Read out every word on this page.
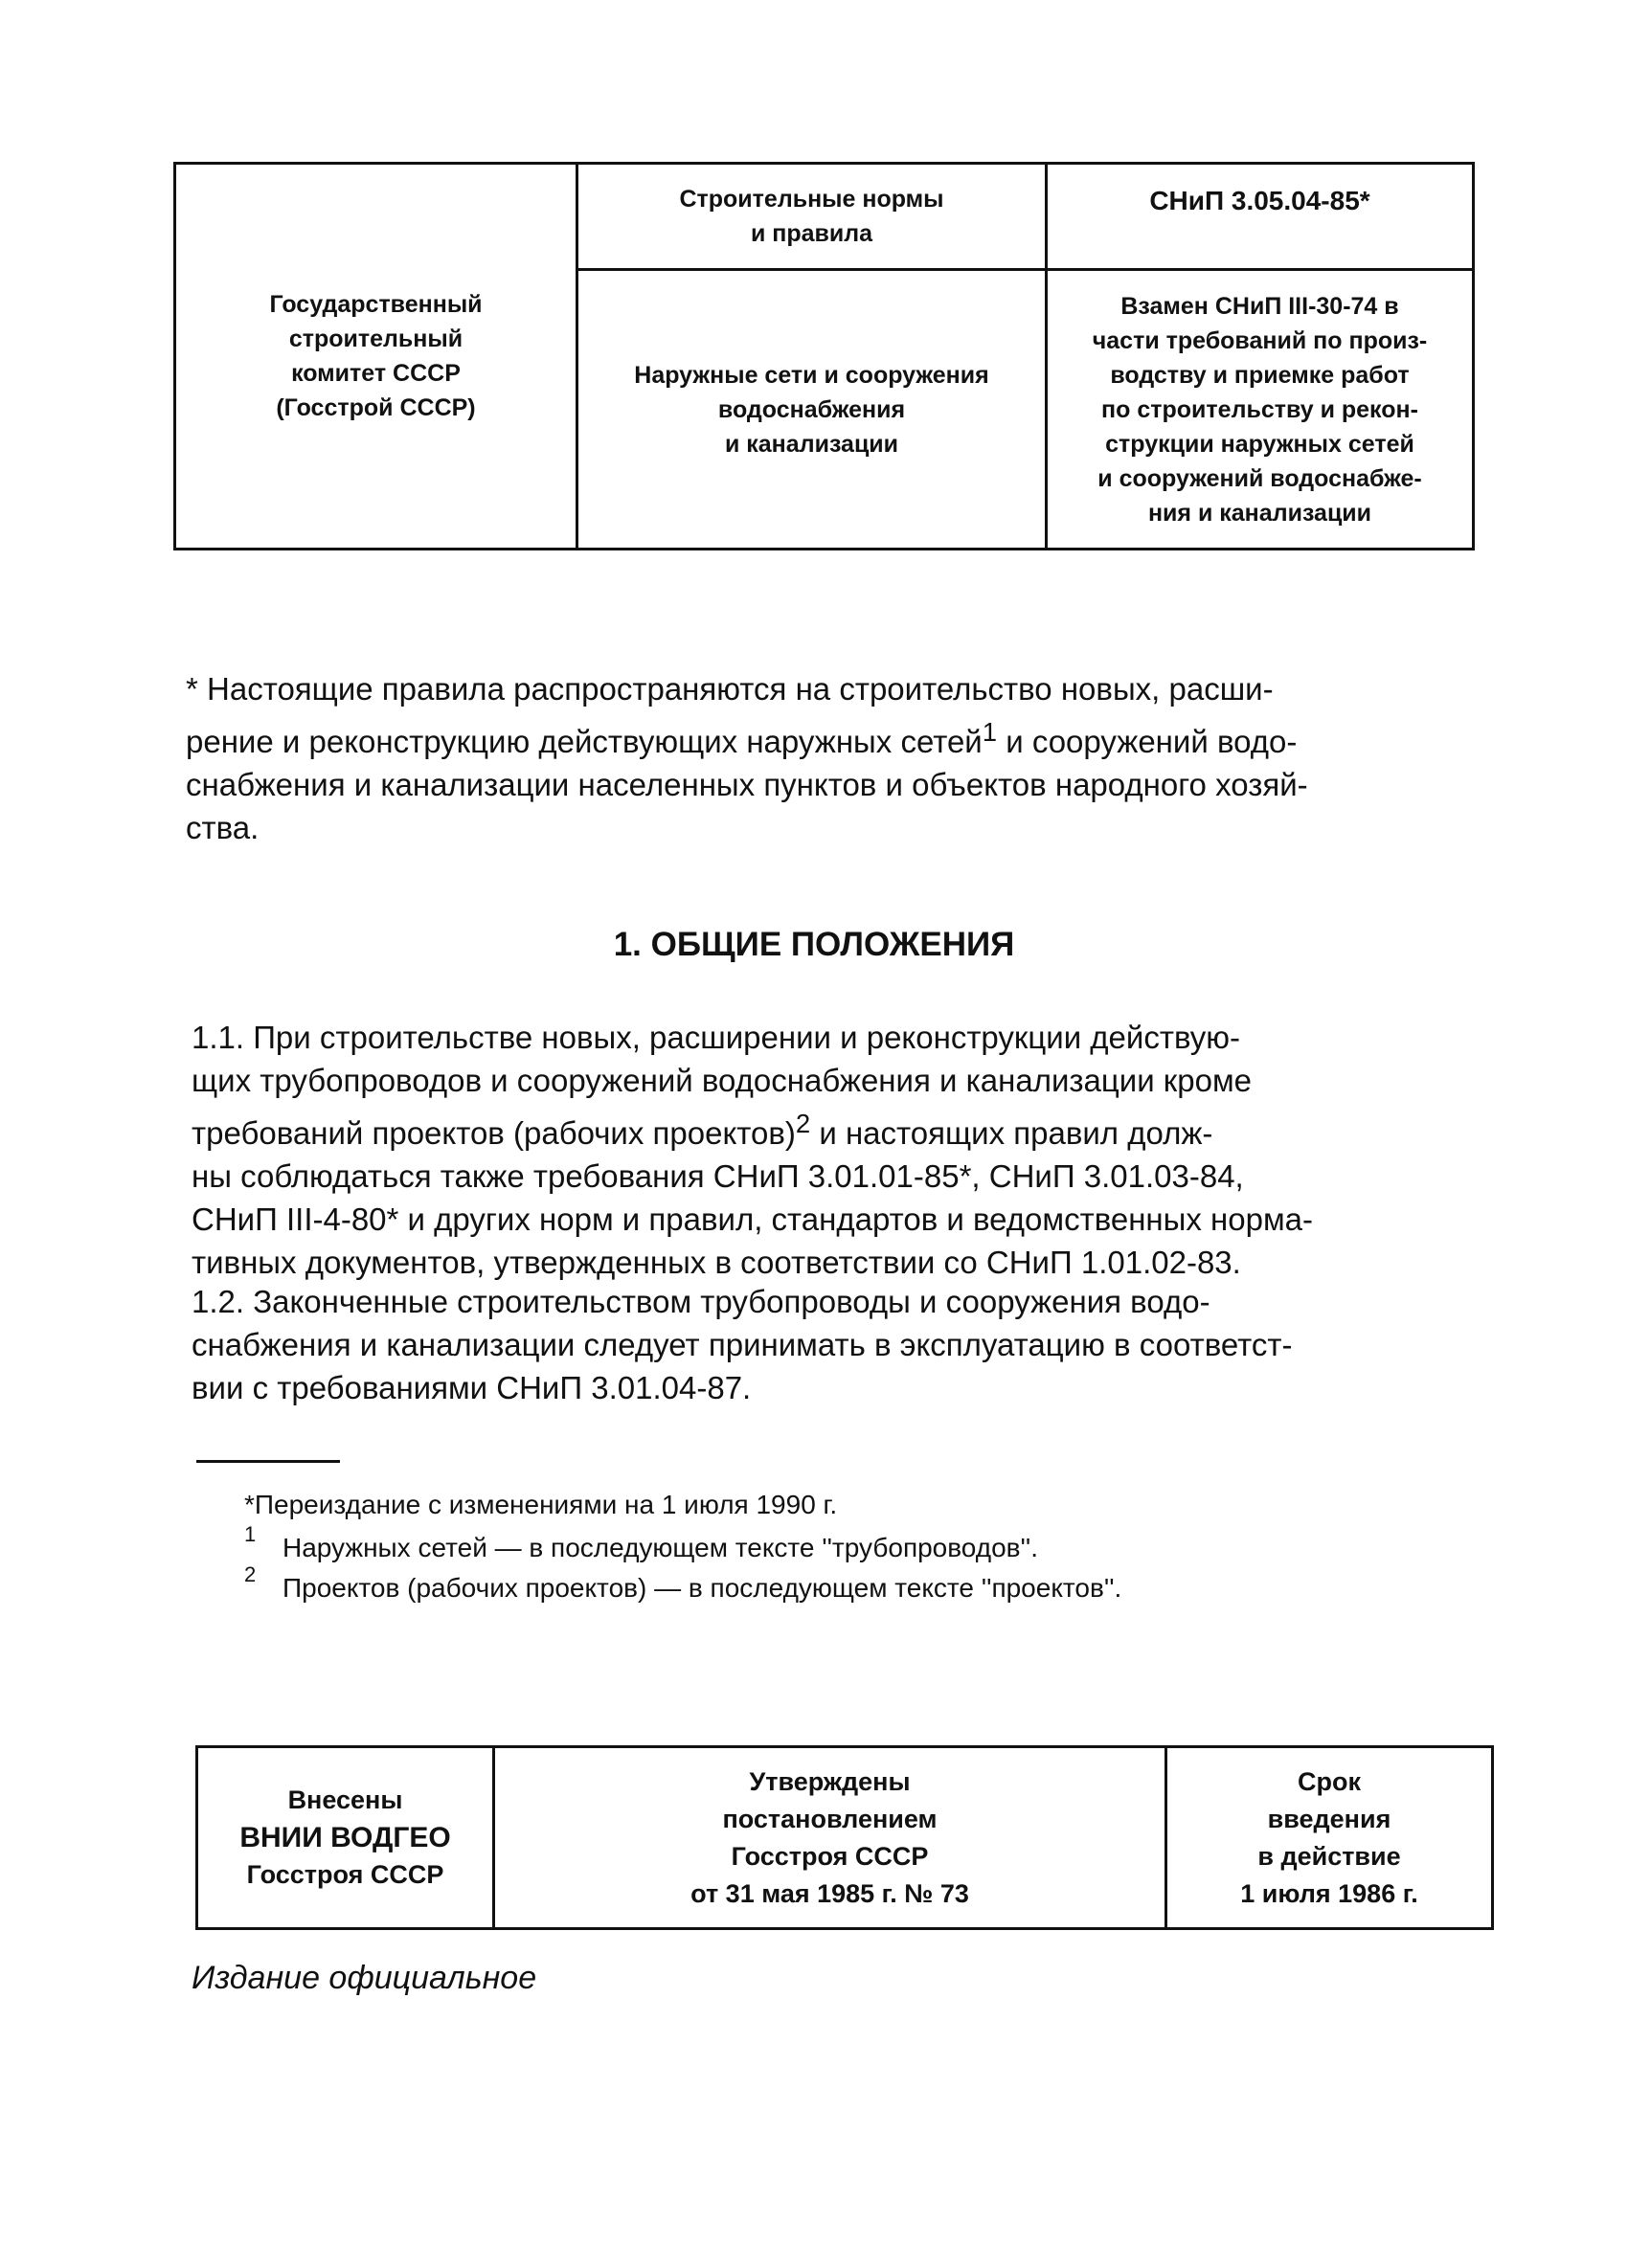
Государственный
строительный
комитет СССР
(Госстрой СССР)
Строительные нормы
и правила
Наружные сети и сооружения
водоснабжения
и канализации
СНиП 3.05.04-85*
Взамен СНиП III-30-74 в
части требований по произ-
водству и приемке работ
по строительству и рекон-
струкции наружных сетей
и сооружений водоснабже-
ния и канализации
* Настоящие правила распространяются на строительство новых, расши-
рение и реконструкцию действующих наружных сетей$^1$ и сооружений водо-
снабжения и канализации населенных пунктов и объектов народного хозяй-
ства.
1. ОБЩИЕ ПОЛОЖЕНИЯ
1.1. При строительстве новых, расширении и реконструкции действую-
щих трубопроводов и сооружений водоснабжения и канализации кроме
требований проектов (рабочих проектов)$^2$ и настоящих правил долж-
ны соблюдаться также требования СНиП 3.01.01-85*, СНиП 3.01.03-84,
СНиП III-4-80* и других норм и правил, стандартов и ведомственных норма-
тивных документов, утвержденных в соответствии со СНиП 1.01.02-83.
1.2. Законченные строительством трубопроводы и сооружения водо-
снабжения и канализации следует принимать в эксплуатацию в соответст-
вии с требованиями СНиП 3.01.04-87.
*Переиздание с изменениями на 1 июля 1990 г.
1 Наружных сетей — в последующем тексте ''трубопроводов''.
2 Проектов (рабочих проектов) — в последующем тексте ''проектов''.
Внесены
ВНИИ ВОДГЕО
Госстроя СССР
Утверждены
постановлением
Госстроя СССР
от 31 мая 1985 г. № 73
Срок
введения
в действие
1 июля 1986 г.
Издание официальное
